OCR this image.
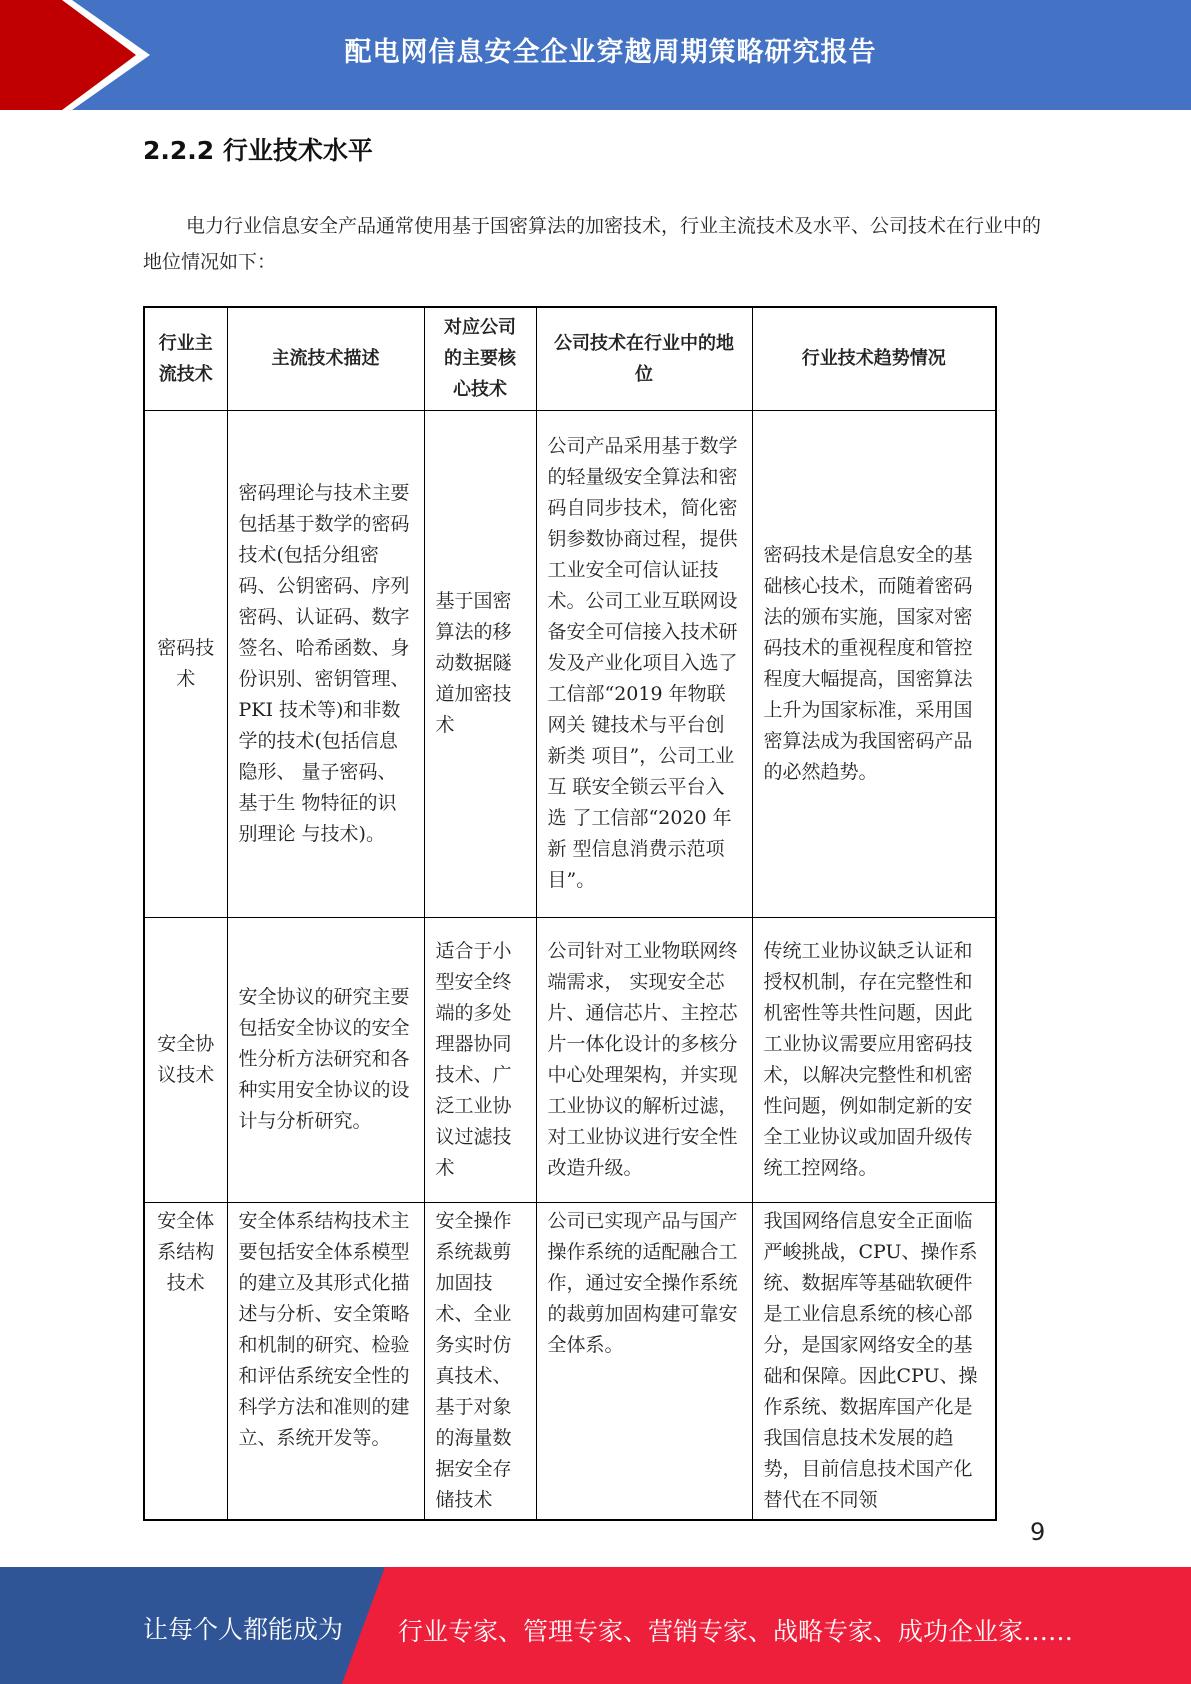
配电网信息安全企业穿越周期策略研究报告
2.2.2 行业技术水平

电力行业信息安全产品通常使用基于国密算法的加密技术，行业主流技术及水平、公司技术在行业中的地位情况如下：

行业主流技术	主流技术描述	对应公司的主要核心技术	公司技术在行业中的地位	行业技术趋势情况
密码技术	密码理论与技术主要包括基于数学的密码技术(包括分组密码、公钥密码、序列密码、认证码、数字签名、哈希函数、身份识别、密钥管理、PKI 技术等)和非数学的技术(包括信息隐形、 量子密码、基于生 物特征的识别理论 与技术)。	基于国密算法的移动数据隧道加密技术	公司产品采用基于数学的轻量级安全算法和密码自同步技术，简化密钥参数协商过程，提供工业安全可信认证技术。公司工业互联网设备安全可信接入技术研发及产业化项目入选了工信部“2019 年物联网关 键技术与平台创新类 项目”，公司工业互 联安全锁云平台入选 了工信部“2020 年新 型信息消费示范项 目”。	密码技术是信息安全的基础核心技术，而随着密码法的颁布实施，国家对密码技术的重视程度和管控程度大幅提高，国密算法上升为国家标准，采用国密算法成为我国密码产品的必然趋势。
安全协议技术	安全协议的研究主要包括安全协议的安全性分析方法研究和各种实用安全协议的设计与分析研究。	适合于小型安全终端的多处理器协同技术、广泛工业协议过滤技术	公司针对工业物联网终端需求， 实现安全芯片、通信芯片、主控芯片一体化设计的多核分中心处理架构，并实现工业协议的解析过滤，对工业协议进行安全性改造升级。	传统工业协议缺乏认证和授权机制，存在完整性和机密性等共性问题，因此工业协议需要应用密码技术，以解决完整性和机密性问题，例如制定新的安全工业协议或加固升级传统工控网络。
安全体系结构技术	安全体系结构技术主要包括安全体系模型的建立及其形式化描述与分析、安全策略和机制的研究、检验和评估系统安全性的科学方法和准则的建立、系统开发等。	安全操作系统裁剪加固技术、全业务实时仿真技术、基于对象的海量数据安全存储技术	公司已实现产品与国产操作系统的适配融合工作，通过安全操作系统的裁剪加固构建可靠安全体系。	我国网络信息安全正面临严峻挑战，CPU、操作系统、数据库等基础软硬件是工业信息系统的核心部分，是国家网络安全的基础和保障。因此CPU、操作系统、数据库国产化是我国信息技术发展的趋势，目前信息技术国产化替代在不同领
9
让每个人都能成为 行业专家、管理专家、营销专家、战略专家、成功企业家……
